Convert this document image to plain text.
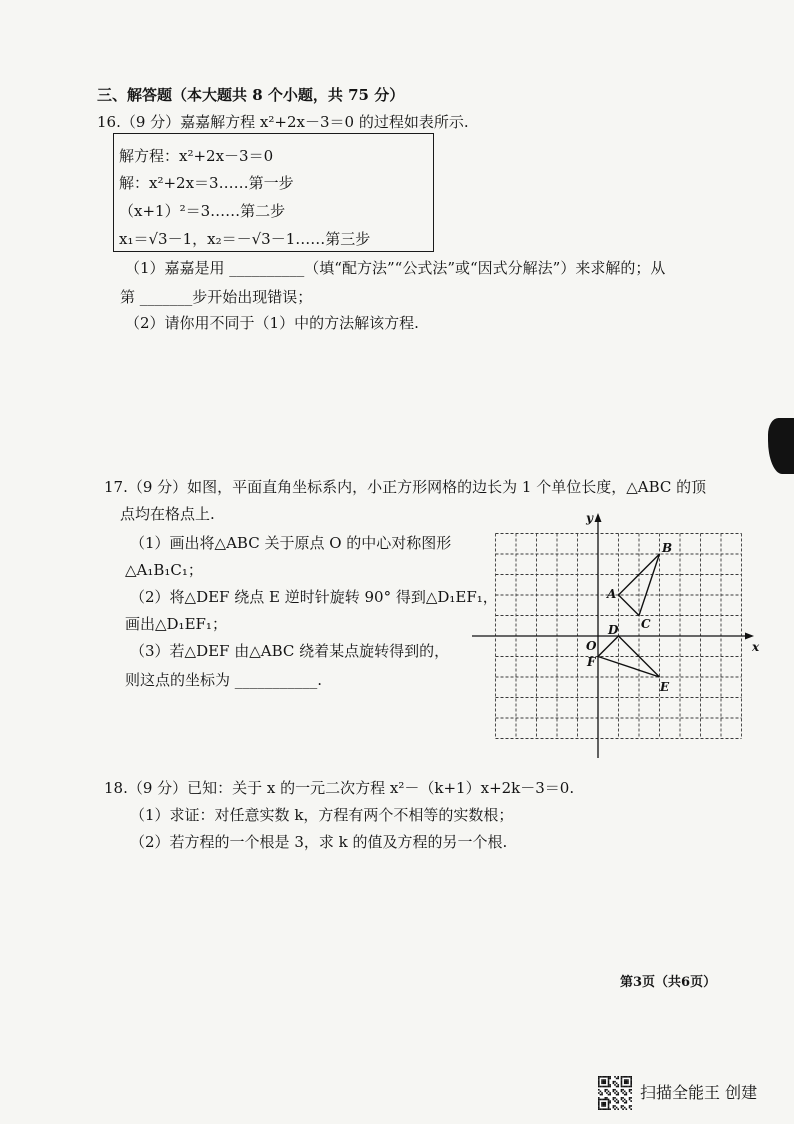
三、解答题（本大题共 8 个小题，共 75 分）
16.（9 分）嘉嘉解方程 x²+2x－3＝0 的过程如表所示.
解方程：x²+2x－3＝0
解：x²+2x＝3……第一步
（x+1）²＝3……第二步
x₁＝√3－1，x₂＝－√3－1……第三步
（1）嘉嘉是用 __________（填“配方法”“公式法”或“因式分解法”）来求解的；从
第 _______步开始出现错误；
（2）请你用不同于（1）中的方法解该方程.
17.（9 分）如图，平面直角坐标系内，小正方形网格的边长为 1 个单位长度，△ABC 的顶
点均在格点上.
（1）画出将△ABC 关于原点 O 的中心对称图形
△A₁B₁C₁；
（2）将△DEF 绕点 E 逆时针旋转 90° 得到△D₁EF₁，
画出△D₁EF₁；
（3）若△DEF 由△ABC 绕着某点旋转得到的，
则这点的坐标为 ___________.
x
y
O
A
B
C
D
E
F
18.（9 分）已知：关于 x 的一元二次方程 x²－（k+1）x+2k－3＝0.
（1）求证：对任意实数 k，方程有两个不相等的实数根；
（2）若方程的一个根是 3，求 k 的值及方程的另一个根.
第3页（共6页）
扫描全能王 创建
